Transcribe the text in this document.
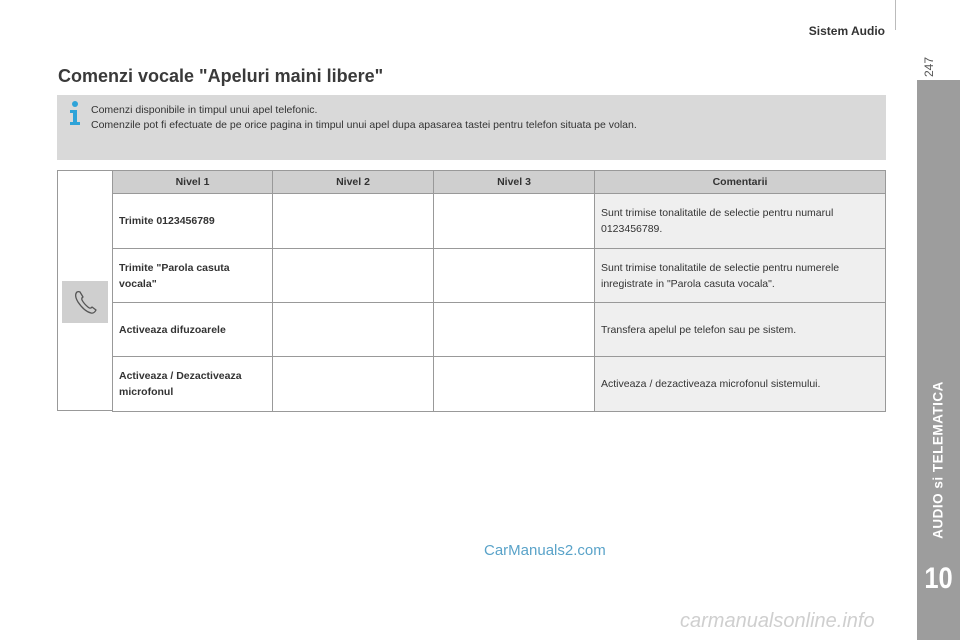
Sistem Audio
247
AUDIO si TELEMATICA
10
Comenzi vocale "Apeluri maini libere"
Comenzi disponibile in timpul unui apel telefonic.
Comenzile pot fi efectuate de pe orice pagina in timpul unui apel dupa apasarea tastei pentru telefon situata pe volan.
Nivel 1	Nivel 2	Nivel 3	Comentarii
Trimite 0123456789			Sunt trimise tonalitatile de selectie pentru numarul 0123456789.
Trimite "Parola casuta vocala"			Sunt trimise tonalitatile de selectie pentru numerele inregistrate in "Parola casuta vocala".
Activeaza difuzoarele			Transfera apelul pe telefon sau pe sistem.
Activeaza / Dezactiveaza microfonul			Activeaza / dezactiveaza microfonul sistemului.
CarManuals2.com
carmanualsonline.info
